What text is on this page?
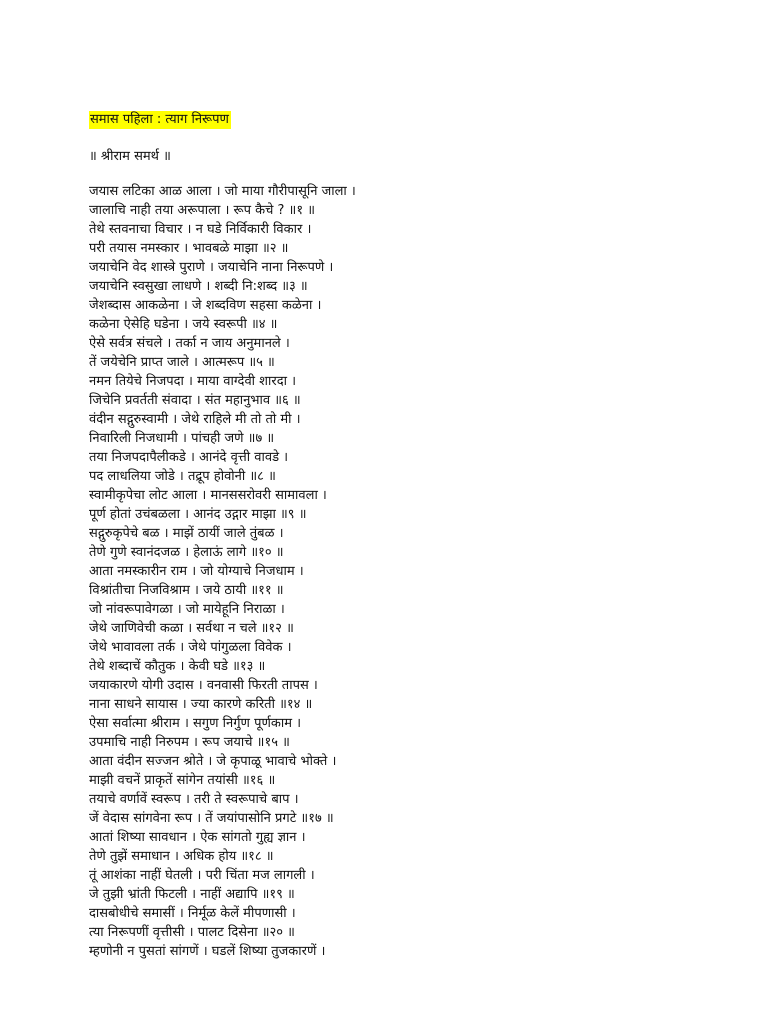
समास पहिला : त्याग निरूपण
॥ श्रीराम समर्थ ॥
जयास लटिका आळ आला । जो माया गौरीपासूनि जाला ।
जालाचि नाही तया अरूपाला । रूप कैचे ? ॥१ ॥
तेथे स्तवनाचा विचार । न घडे निर्विकारी विकार ।
परी तयास नमस्कार । भावबळे माझा ॥२ ॥
जयाचेनि वेद शास्त्रे पुराणे । जयाचेनि नाना निरूपणे ।
जयाचेनि स्वसुखा लाधणे । शब्दी नि:शब्द ॥३ ॥
जेशब्दास आकळेना । जे शब्दविण सहसा कळेना ।
कळेना ऐसेहि घडेना । जये स्वरूपी ॥४ ॥
ऐसे सर्वत्र संचले । तर्का न जाय अनुमानले ।
तें जयेचेनि प्राप्त जाले । आत्मरूप ॥५ ॥
नमन तियेचे निजपदा । माया वाग्देवी शारदा ।
जिचेनि प्रवर्तती संवादा । संत महानुभाव ॥६ ॥
वंदीन सद्गुरुस्वामी । जेथे राहिले मी तो तो मी ।
निवारिली निजधामी । पांचही जणे ॥७ ॥
तया निजपदापैलीकडे । आनंदे वृत्ती वावडे ।
पद लाधलिया जोडे । तद्रूप होवोनी ॥८ ॥
स्वामीकृपेचा लोट आला । मानससरोवरी सामावला ।
पूर्ण होतां उचंबळला । आनंद उद्गार माझा ॥९ ॥
सद्गुरुकृपेचे बळ । माझें ठायीं जाले तुंबळ ।
तेणे गुणे स्वानंदजळ । हेलाऊं लागे ॥१० ॥
आता नमस्कारीन राम । जो योग्याचे निजधाम ।
विश्रांतीचा निजविश्राम । जये ठायी ॥११ ॥
जो नांवरूपावेगळा । जो मायेहूनि निराळा ।
जेथे जाणिवेची कळा । सर्वथा न चले ॥१२ ॥
जेथे भावावला तर्क । जेथे पांगुळला विवेक ।
तेथे शब्दाचें कौतुक । केवी घडे ॥१३ ॥
जयाकारणे योगी उदास । वनवासी फिरती तापस ।
नाना साधने सायास । ज्या कारणे करिती ॥१४ ॥
ऐसा सर्वात्मा श्रीराम । सगुण निर्गुण पूर्णकाम ।
उपमाचि नाही निरुपम । रूप जयाचे ॥१५ ॥
आता वंदीन सज्जन श्रोते । जे कृपाळू भावाचे भोक्ते ।
माझी वचनें प्राकृतें सांगेन तयांसी ॥१६ ॥
तयाचे वर्णावें स्वरूप । तरी ते स्वरूपाचे बाप ।
जें वेदास सांगवेना रूप । तें जयांपासोनि प्रगटे ॥१७ ॥
आतां शिष्या सावधान । ऐक सांगतो गुह्य ज्ञान ।
तेणे तुझें समाधान । अधिक होय ॥१८ ॥
तूं आशंका नाहीं घेतली । परी चिंता मज लागली ।
जे तुझी भ्रांती फिटली । नाहीं अद्यापि ॥१९ ॥
दासबोधीचे समासीं । निर्मूळ केलें मीपणासी ।
त्या निरूपणीं वृत्तीसी । पालट दिसेना ॥२० ॥
म्हणोनी न पुसतां सांगणें । घडलें शिष्या तुजकारणें ।
